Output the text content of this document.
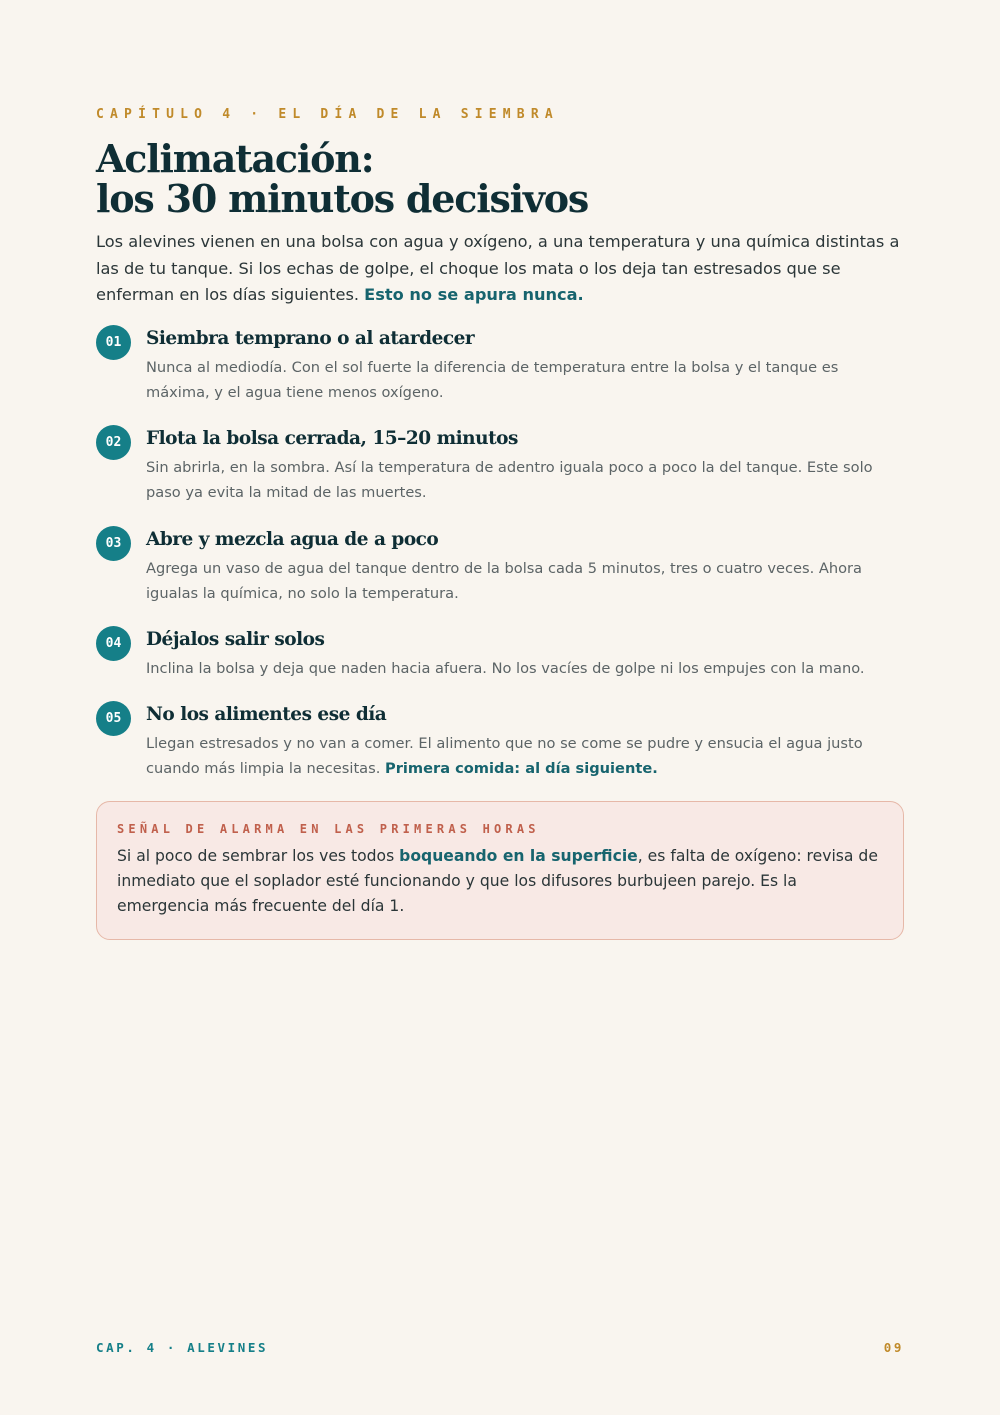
CAPÍTULO 4 · EL DÍA DE LA SIEMBRA
Aclimatación:
los 30 minutos decisivos

Los alevines vienen en una bolsa con agua y oxígeno, a una temperatura y una química distintas a las de tu tanque. Si los echas de golpe, el choque los mata o los deja tan estresados que se enferman en los días siguientes. Esto no se apura nunca.

01	Siembra temprano o al atardecer
Nunca al mediodía. Con el sol fuerte la diferencia de temperatura entre la bolsa y el tanque es máxima, y el agua tiene menos oxígeno.
02	Flota la bolsa cerrada, 15–20 minutos
Sin abrirla, en la sombra. Así la temperatura de adentro iguala poco a poco la del tanque. Este solo paso ya evita la mitad de las muertes.
03	Abre y mezcla agua de a poco
Agrega un vaso de agua del tanque dentro de la bolsa cada 5 minutos, tres o cuatro veces. Ahora igualas la química, no solo la temperatura.
04	Déjalos salir solos
Inclina la bolsa y deja que naden hacia afuera. No los vacíes de golpe ni los empujes con la mano.
05	No los alimentes ese día
Llegan estresados y no van a comer. El alimento que no se come se pudre y ensucia el agua justo cuando más limpia la necesitas. Primera comida: al día siguiente.
SEÑAL DE ALARMA EN LAS PRIMERAS HORAS

Si al poco de sembrar los ves todos boqueando en la superficie, es falta de oxígeno: revisa de inmediato que el soplador esté funcionando y que los difusores burbujeen parejo. Es la emergencia más frecuente del día 1.

CAP. 4 · ALEVINES	09
